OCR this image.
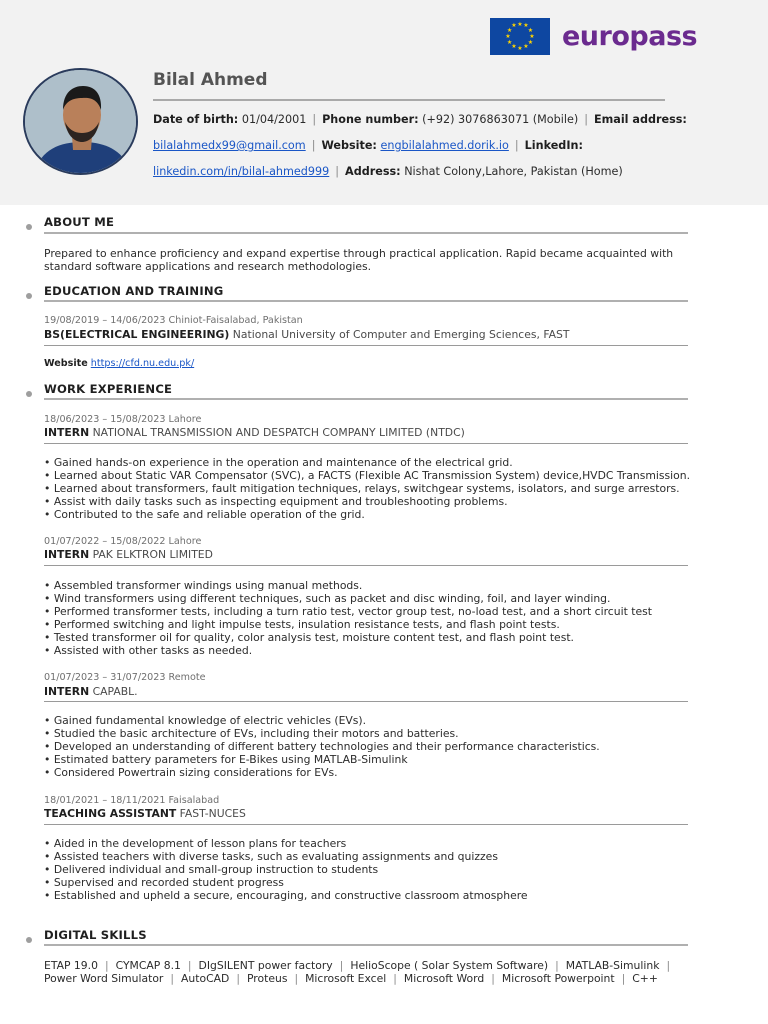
★ ★
★
★
★
★
★
★
★
★
★
★ europass
Bilal Ahmed
Date of birth: 01/04/2001 | Phone number: (+92) 3076863071 (Mobile) | Email address:
bilalahmedx99@gmail.com | Website: engbilalahmed.dorik.io | LinkedIn:
linkedin.com/in/bilal-ahmed999 | Address: Nishat Colony,Lahore, Pakistan (Home)
ABOUT ME
Prepared to enhance proficiency and expand expertise through practical application. Rapid became acquainted with standard software applications and research methodologies.
EDUCATION AND TRAINING
19/08/2019 – 14/06/2023 Chiniot-Faisalabad, Pakistan
BS(ELECTRICAL ENGINEERING) National University of Computer and Emerging Sciences, FAST
Website https://cfd.nu.edu.pk/
WORK EXPERIENCE
18/06/2023 – 15/08/2023 Lahore
INTERN NATIONAL TRANSMISSION AND DESPATCH COMPANY LIMITED (NTDC)
• Gained hands-on experience in the operation and maintenance of the electrical grid.
• Learned about Static VAR Compensator (SVC), a FACTS (Flexible AC Transmission System) device,HVDC Transmission.
• Learned about transformers, fault mitigation techniques, relays, switchgear systems, isolators, and surge arrestors.
• Assist with daily tasks such as inspecting equipment and troubleshooting problems.
• Contributed to the safe and reliable operation of the grid.
01/07/2022 – 15/08/2022 Lahore
INTERN PAK ELKTRON LIMITED
• Assembled transformer windings using manual methods.
• Wind transformers using different techniques, such as packet and disc winding, foil, and layer winding.
• Performed transformer tests, including a turn ratio test, vector group test, no-load test, and a short circuit test
• Performed switching and light impulse tests, insulation resistance tests, and flash point tests.
• Tested transformer oil for quality, color analysis test, moisture content test, and flash point test.
• Assisted with other tasks as needed.
01/07/2023 – 31/07/2023 Remote
INTERN CAPABL.
• Gained fundamental knowledge of electric vehicles (EVs).
• Studied the basic architecture of EVs, including their motors and batteries.
• Developed an understanding of different battery technologies and their performance characteristics.
• Estimated battery parameters for E-Bikes using MATLAB-Simulink
• Considered Powertrain sizing considerations for EVs.
18/01/2021 – 18/11/2021 Faisalabad
TEACHING ASSISTANT FAST-NUCES
• Aided in the development of lesson plans for teachers
• Assisted teachers with diverse tasks, such as evaluating assignments and quizzes
• Delivered individual and small-group instruction to students
• Supervised and recorded student progress
• Established and upheld a secure, encouraging, and constructive classroom atmosphere
DIGITAL SKILLS
ETAP 19.0 | CYMCAP 8.1 | DIgSILENT power factory | HelioScope ( Solar System Software) | MATLAB-Simulink |
Power Word Simulator | AutoCAD | Proteus | Microsoft Excel | Microsoft Word | Microsoft Powerpoint | C++
